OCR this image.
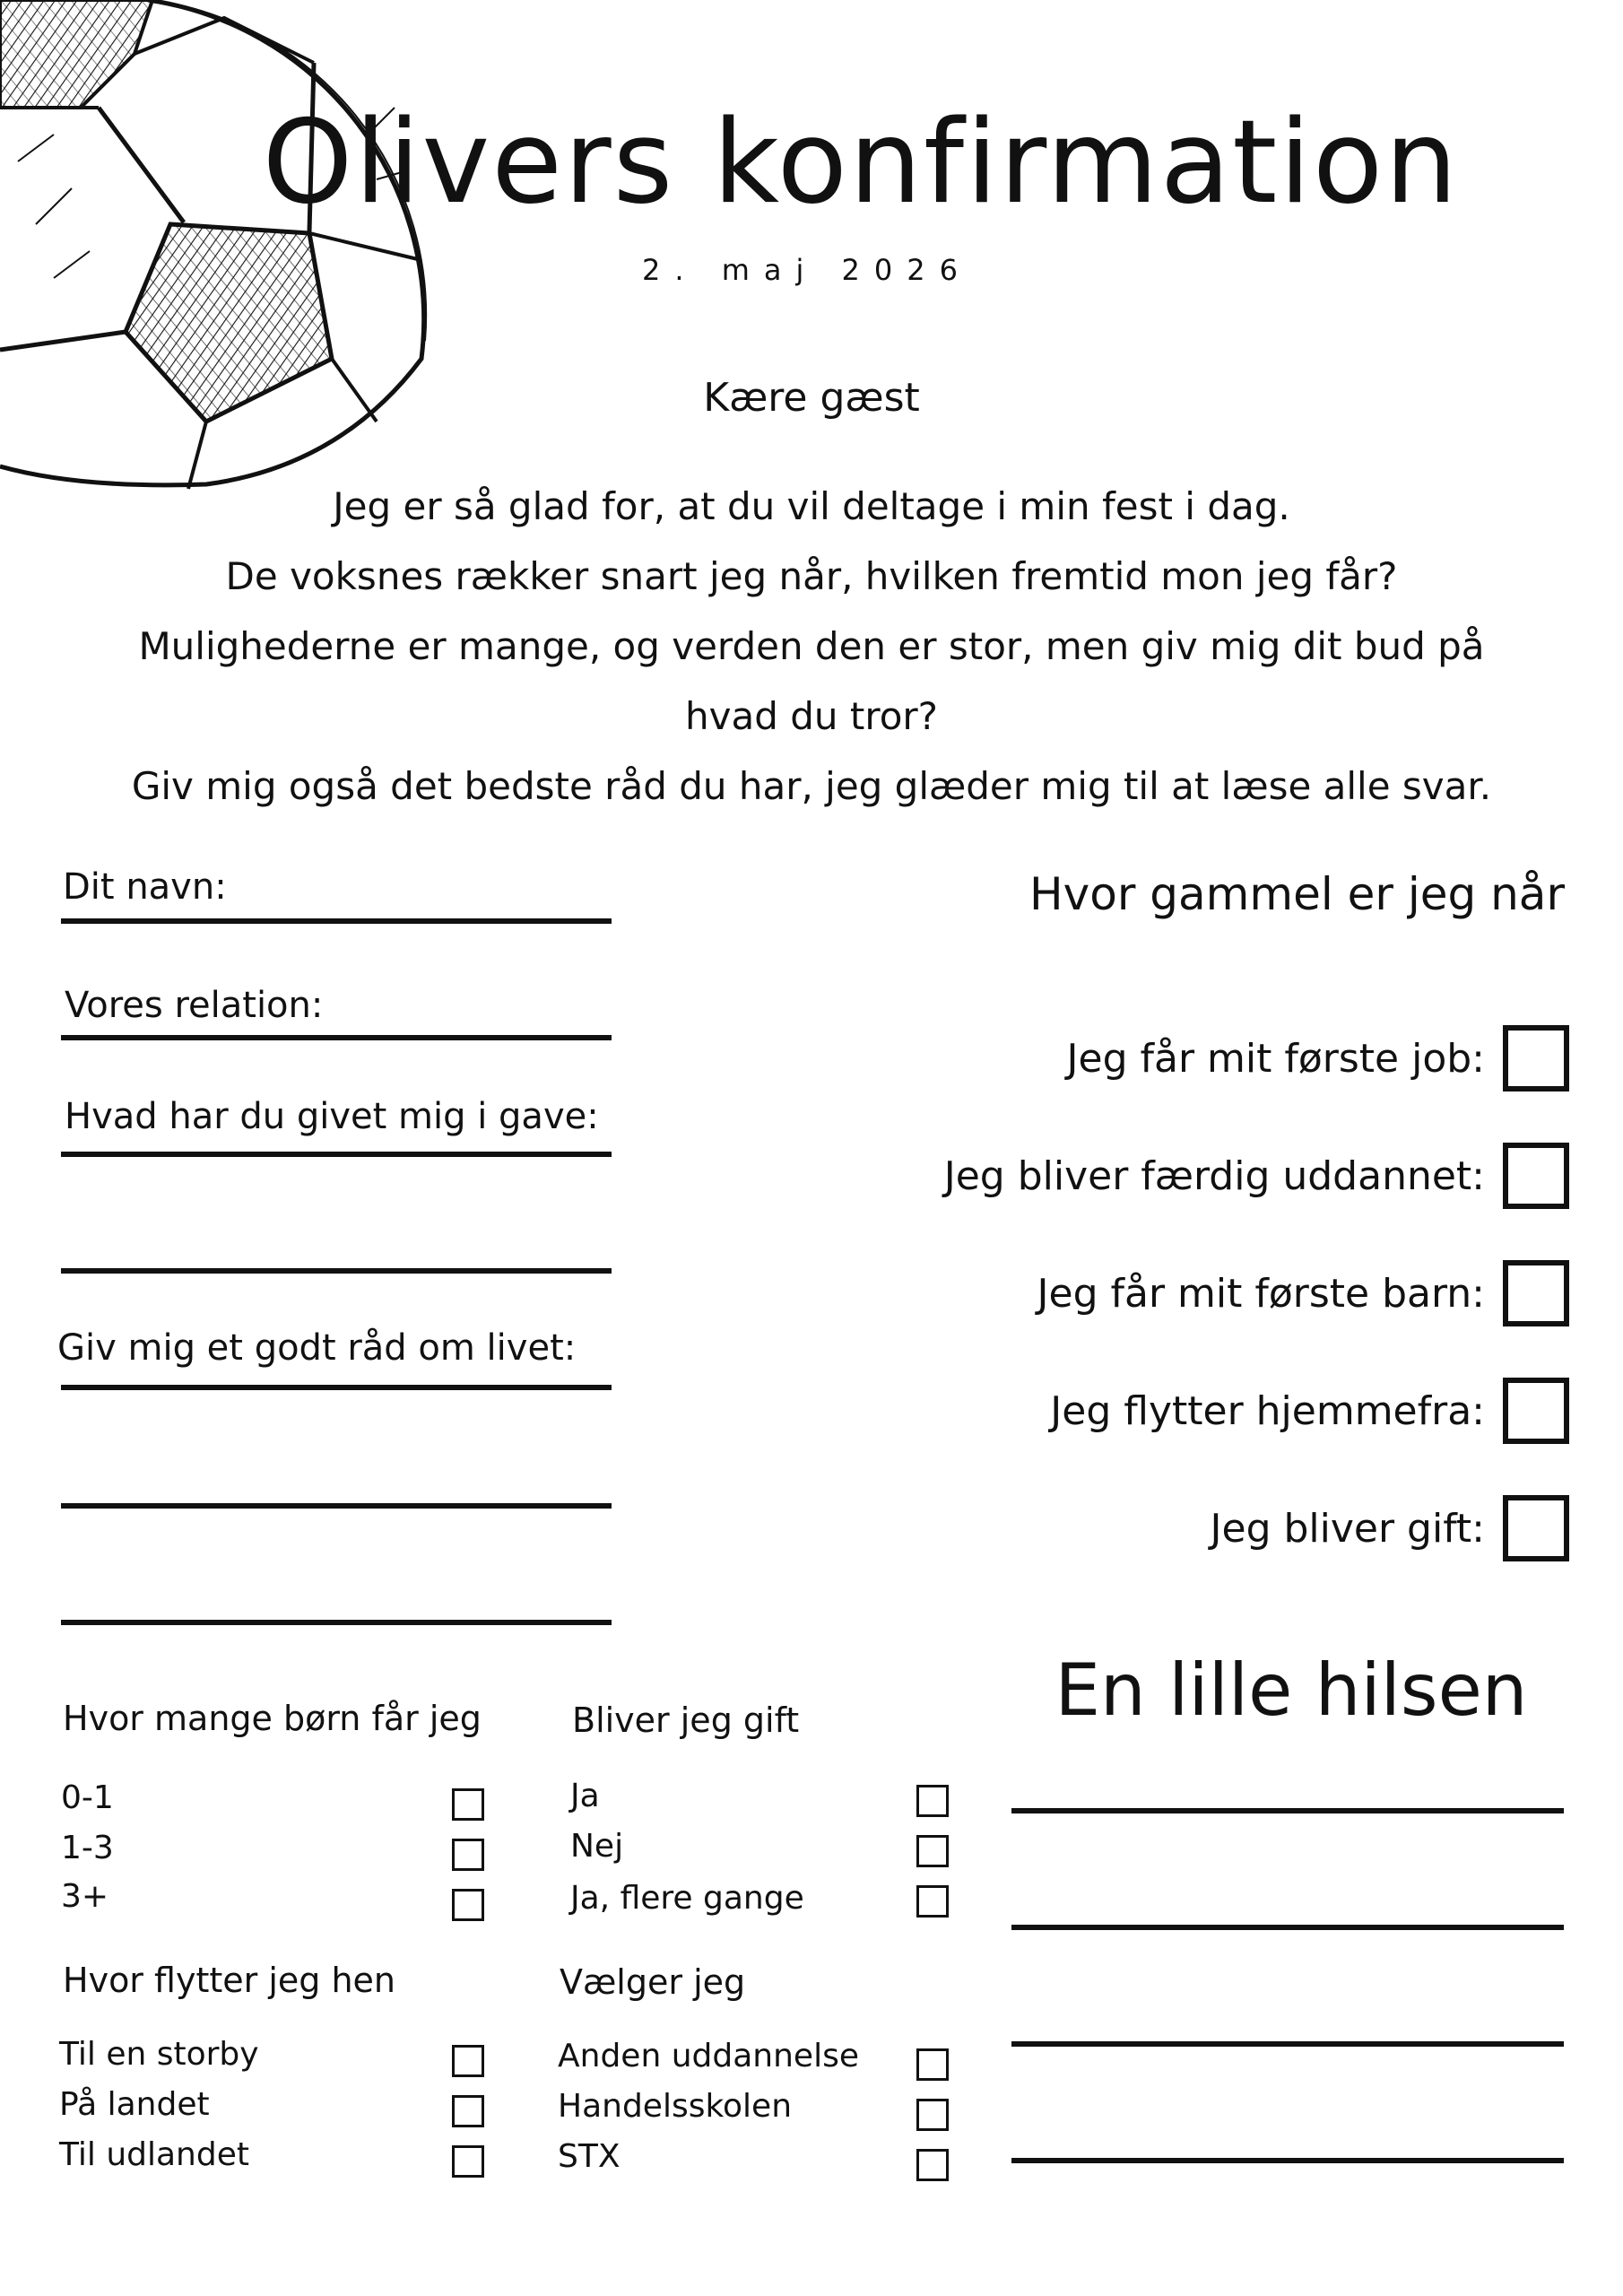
Olivers konfirmation
2. maj 2026
Kære gæst
Jeg er så glad for, at du vil deltage i min fest i dag.
De voksnes rækker snart jeg når, hvilken fremtid mon jeg får?
Mulighederne er mange, og verden den er stor, men giv mig dit bud på
hvad du tror?
Giv mig også det bedste råd du har, jeg glæder mig til at læse alle svar.
Dit navn:
Vores relation:
Hvad har du givet mig i gave:
Giv mig et godt råd om livet:
Hvor gammel er jeg når
Jeg får mit første job:
Jeg bliver færdig uddannet:
Jeg får mit første barn:
Jeg flytter hjemmefra:
Jeg bliver gift:
En lille hilsen
Hvor mange børn får jeg
0-1
1-3
3+
Bliver jeg gift
Ja
Nej
Ja, flere gange
Hvor flytter jeg hen
Til en storby
På landet
Til udlandet
Vælger jeg
Anden uddannelse
Handelsskolen
STX
